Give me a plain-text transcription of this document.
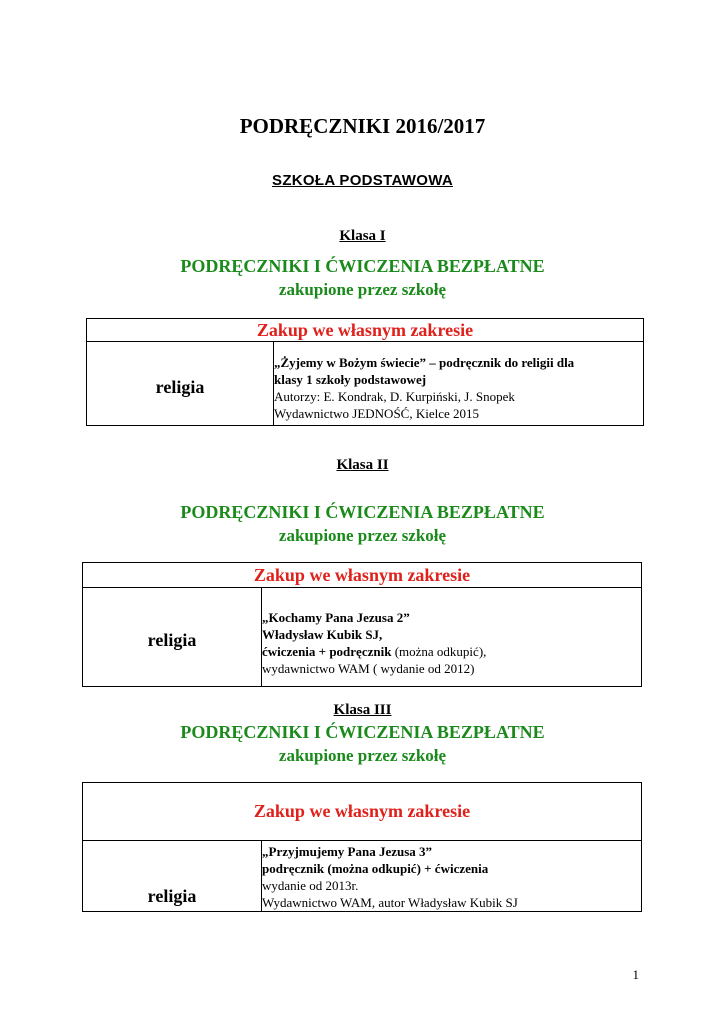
PODRĘCZNIKI 2016/2017
SZKOŁA PODSTAWOWA
Klasa I
PODRĘCZNIKI I ĆWICZENIA BEZPŁATNE
zakupione przez szkołę
Zakup we własnym zakresie
religia	
„Żyjemy w Bożym świecie” – podręcznik do religii dla
klasy 1 szkoły podstawowej
Autorzy: E. Kondrak, D. Kurpiński, J. Snopek
Wydawnictwo JEDNOŚĆ, Kielce 2015
Klasa II
PODRĘCZNIKI I ĆWICZENIA BEZPŁATNE
zakupione przez szkołę
Zakup we własnym zakresie
religia	
„Kochamy Pana Jezusa 2”
Władysław Kubik SJ,
ćwiczenia + podręcznik (można odkupić),
wydawnictwo WAM ( wydanie od 2012)
Klasa III
PODRĘCZNIKI I ĆWICZENIA BEZPŁATNE
zakupione przez szkołę
Zakup we własnym zakresie
religia	
„Przyjmujemy Pana Jezusa 3”
podręcznik (można odkupić) + ćwiczenia
wydanie od 2013r.
Wydawnictwo WAM, autor Władysław Kubik SJ
1
